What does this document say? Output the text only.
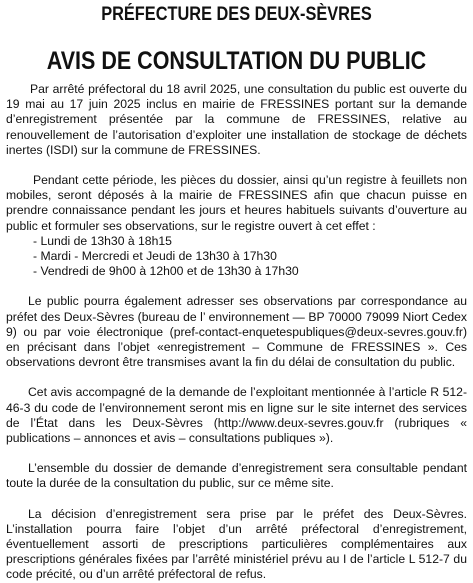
PRÉFECTURE DES DEUX-SÈVRES
AVIS DE CONSULTATION DU PUBLIC

Par arrêté préfectoral du 18 avril 2025, une consultation du public est ouverte du 19 mai au 17 juin 2025 inclus en mairie de FRESSINES portant sur la demande d’enregistrement présentée par la commune de FRESSINES, relative au renouvellement de l’autorisation d’exploiter une installation de stockage de déchets inertes (ISDI) sur la commune de FRESSINES.

Pendant cette période, les pièces du dossier, ainsi qu’un registre à feuillets non mobiles, seront déposés à la mairie de FRESSINES afin que chacun puisse en prendre connaissance pendant les jours et heures habituels suivants d’ouverture au public et formuler ses observations, sur le registre ouvert à cet effet :

- Lundi de 13h30 à 18h15
- Mardi - Mercredi et Jeudi de 13h30 à 17h30
- Vendredi de 9h00 à 12h00 et de 13h30 à 17h30

Le public pourra également adresser ses observations par correspondance au préfet des Deux-Sèvres (bureau de l’ environnement — BP 70000 79099 Niort Cedex 9) ou par voie électronique (pref-contact-enquetespubliques@deux-sevres.gouv.fr) en précisant dans l’objet «enregistrement – Commune de FRESSINES ». Ces observations devront être transmises avant la fin du délai de consultation du public.

Cet avis accompagné de la demande de l’exploitant mentionnée à l’article R 512-46-3 du code de l’environnement seront mis en ligne sur le site internet des services de l’État dans les Deux-Sèvres (http://www.deux-sevres.gouv.fr (rubriques « publications – annonces et avis – consultations publiques »).

L’ensemble du dossier de demande d’enregistrement sera consultable pendant toute la durée de la consultation du public, sur ce même site.

La décision d’enregistrement sera prise par le préfet des Deux-Sèvres. L’installation pourra faire l’objet d’un arrêté préfectoral d’enregistrement, éventuellement assorti de prescriptions particulières complémentaires aux prescriptions générales fixées par l’arrêté ministériel prévu au I de l’article L 512-7 du code précité, ou d’un arrêté préfectoral de refus.
